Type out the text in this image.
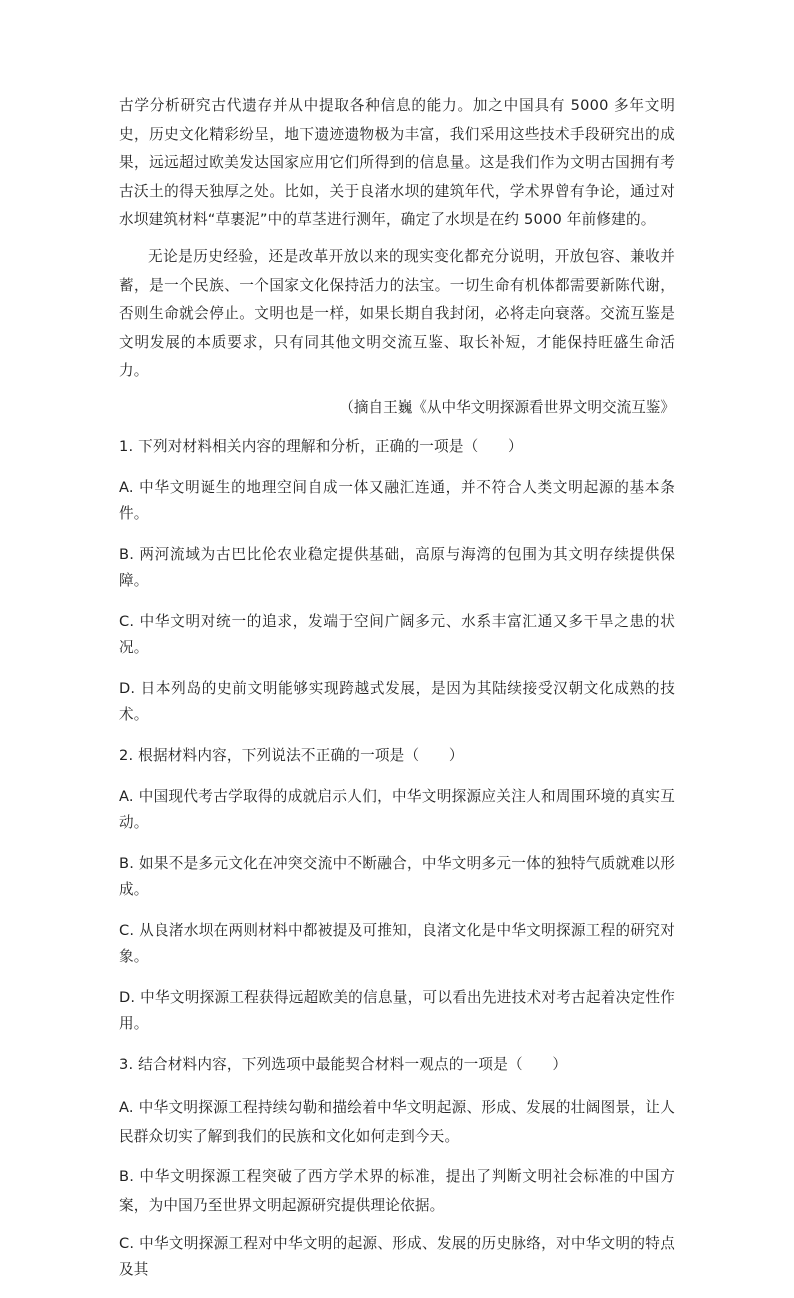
古学分析研究古代遗存并从中提取各种信息的能力。加之中国具有 5000 多年文明史，历史文化精彩纷呈，地下遗迹遗物极为丰富，我们采用这些技术手段研究出的成果，远远超过欧美发达国家应用它们所得到的信息量。这是我们作为文明古国拥有考古沃土的得天独厚之处。比如，关于良渚水坝的建筑年代，学术界曾有争论，通过对水坝建筑材料“草裹泥”中的草茎进行测年，确定了水坝是在约 5000 年前修建的。

无论是历史经验，还是改革开放以来的现实变化都充分说明，开放包容、兼收并蓄，是一个民族、一个国家文化保持活力的法宝。一切生命有机体都需要新陈代谢，否则生命就会停止。文明也是一样，如果长期自我封闭，必将走向衰落。交流互鉴是文明发展的本质要求，只有同其他文明交流互鉴、取长补短，才能保持旺盛生命活力。

（摘自王巍《从中华文明探源看世界文明交流互鉴》

1. 下列对材料相关内容的理解和分析，正确的一项是（　　）

A. 中华文明诞生的地理空间自成一体又融汇连通，并不符合人类文明起源的基本条件。

B. 两河流域为古巴比伦农业稳定提供基础，高原与海湾的包围为其文明存续提供保障。

C. 中华文明对统一的追求，发端于空间广阔多元、水系丰富汇通又多干旱之患的状况。

D. 日本列岛的史前文明能够实现跨越式发展，是因为其陆续接受汉朝文化成熟的技术。

2. 根据材料内容，下列说法不正确的一项是（　　）

A. 中国现代考古学取得的成就启示人们，中华文明探源应关注人和周围环境的真实互动。

B. 如果不是多元文化在冲突交流中不断融合，中华文明多元一体的独特气质就难以形成。

C. 从良渚水坝在两则材料中都被提及可推知，良渚文化是中华文明探源工程的研究对象。

D. 中华文明探源工程获得远超欧美的信息量，可以看出先进技术对考古起着决定性作用。

3. 结合材料内容，下列选项中最能契合材料一观点的一项是（　　）

A. 中华文明探源工程持续勾勒和描绘着中华文明起源、形成、发展的壮阔图景，让人民群众切实了解到我们的民族和文化如何走到今天。

B. 中华文明探源工程突破了西方学术界的标准，提出了判断文明社会标准的中国方案，为中国乃至世界文明起源研究提供理论依据。

C. 中华文明探源工程对中华文明的起源、形成、发展的历史脉络，对中华文明的特点及其
